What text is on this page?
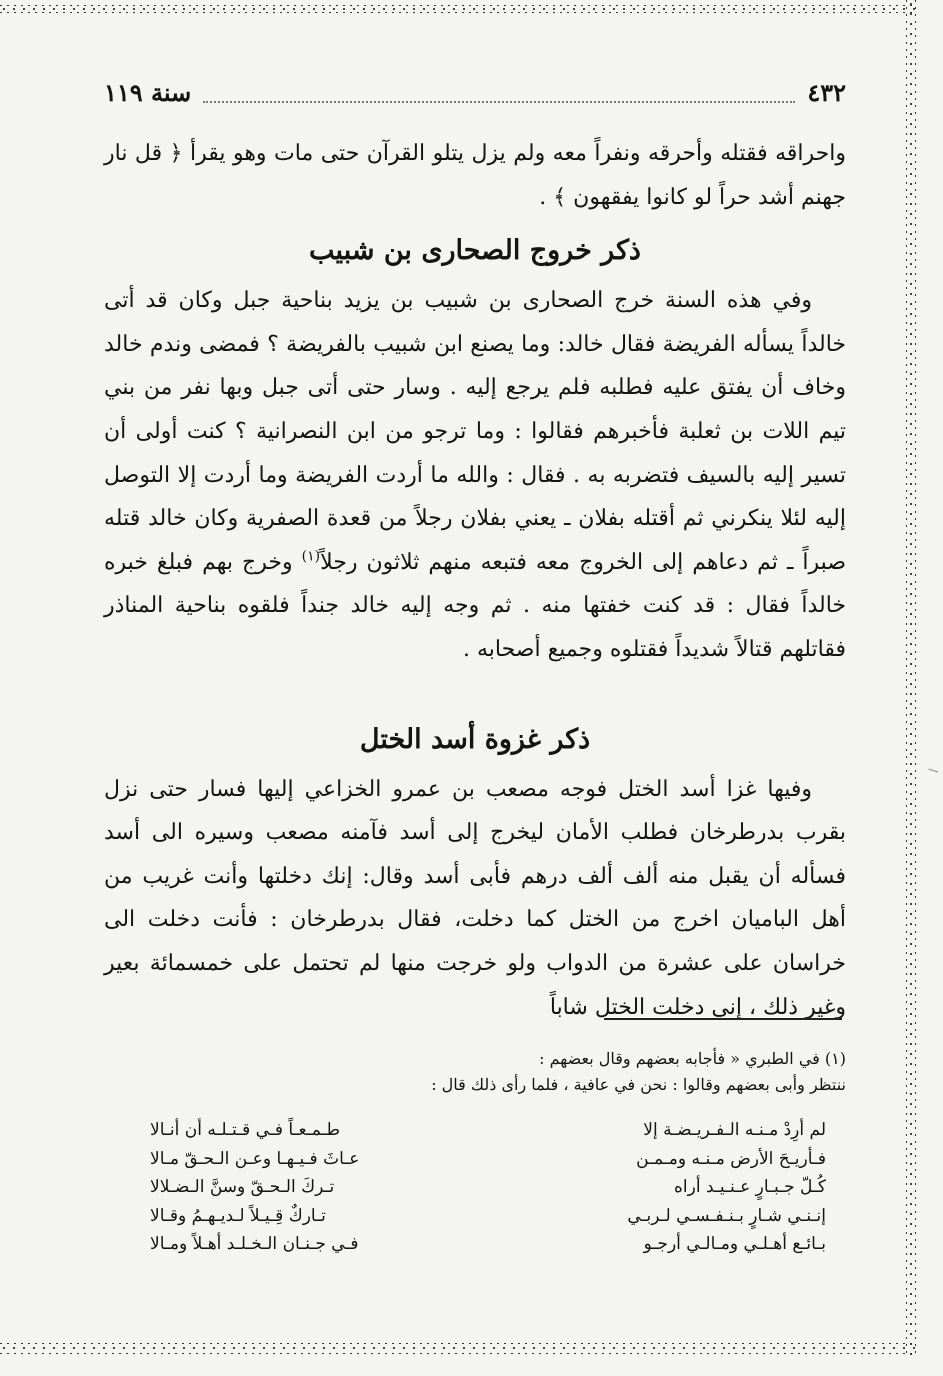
٤٣٢
سنة ١١٩

واحراقه فقتله وأحرقه ونفراً معه ولم يزل يتلو القرآن حتى مات وهو يقرأ ﴿ قل نار جهنم أشد حراً لو كانوا يفقهون ﴾ .

ذكر خروج الصحارى بن شبيب

وفي هذه السنة خرج الصحارى بن شبيب بن يزيد بناحية جبل وكان قد أتى خالداً يسأله الفريضة فقال خالد: وما يصنع ابن شبيب بالفريضة ؟ فمضى وندم خالد وخاف أن يفتق عليه فطلبه فلم يرجع إليه . وسار حتى أتى جبل وبها نفر من بني تيم اللات بن ثعلبة فأخبرهم فقالوا : وما ترجو من ابن النصرانية ؟ كنت أولى أن تسير إليه بالسيف فتضربه به . فقال : والله ما أردت الفريضة وما أردت إلا التوصل إليه لئلا ينكرني ثم أقتله بفلان ـ يعني بفلان رجلاً من قعدة الصفرية وكان خالد قتله صبراً ـ ثم دعاهم إلى الخروج معه فتبعه منهم ثلاثون رجلاً$^{(١)}$ وخرج بهم فبلغ خبره خالداً فقال : قد كنت خفتها منه . ثم وجه إليه خالد جنداً فلقوه بناحية المناذر فقاتلهم قتالاً شديداً فقتلوه وجميع أصحابه .

ذكر غزوة أسد الختل

وفيها غزا أسد الختل فوجه مصعب بن عمرو الخزاعي إليها فسار حتى نزل بقرب بدرطرخان فطلب الأمان ليخرج إلى أسد فآمنه مصعب وسيره الى أسد فسأله أن يقبل منه ألف ألف درهم فأبى أسد وقال: إنك دخلتها وأنت غريب من أهل الباميان اخرج من الختل كما دخلت، فقال بدرطرخان : فأنت دخلت الى خراسان على عشرة من الدواب ولو خرجت منها لم تحتمل على خمسمائة بعير وغير ذلك ، إني دخلت الختل شاباً

(١) في الطبري « فأجابه بعضهم وقال بعضهم :

ننتظر وأبى بعضهم وقالوا : نحن في عافية ، فلما رأى ذلك قال :

لم أرِدْ مـنـه الـفـريـضـة إلا
طـمـعـاً فـي قـتـلـه أن أنـالا
فـأريـحَ الأرض مـنـه ومـمـن
عـاثَ فـيـهـا وعـن الـحـقّ مـالا
كُـلّ جـبـارٍ عـنـيـد أراه
تـركَ الـحـقّ وسنَّ الـضـلالا
إنـنـي شـارٍ بـنـفـسـي لـربـي
تـاركٌ قِـيـلاً لـديـهـمُ وقـالا
بـائـع أهـلـي ومـالـي أرجـو
فـي جـنـان الـخـلـد أهـلاً ومـالا
